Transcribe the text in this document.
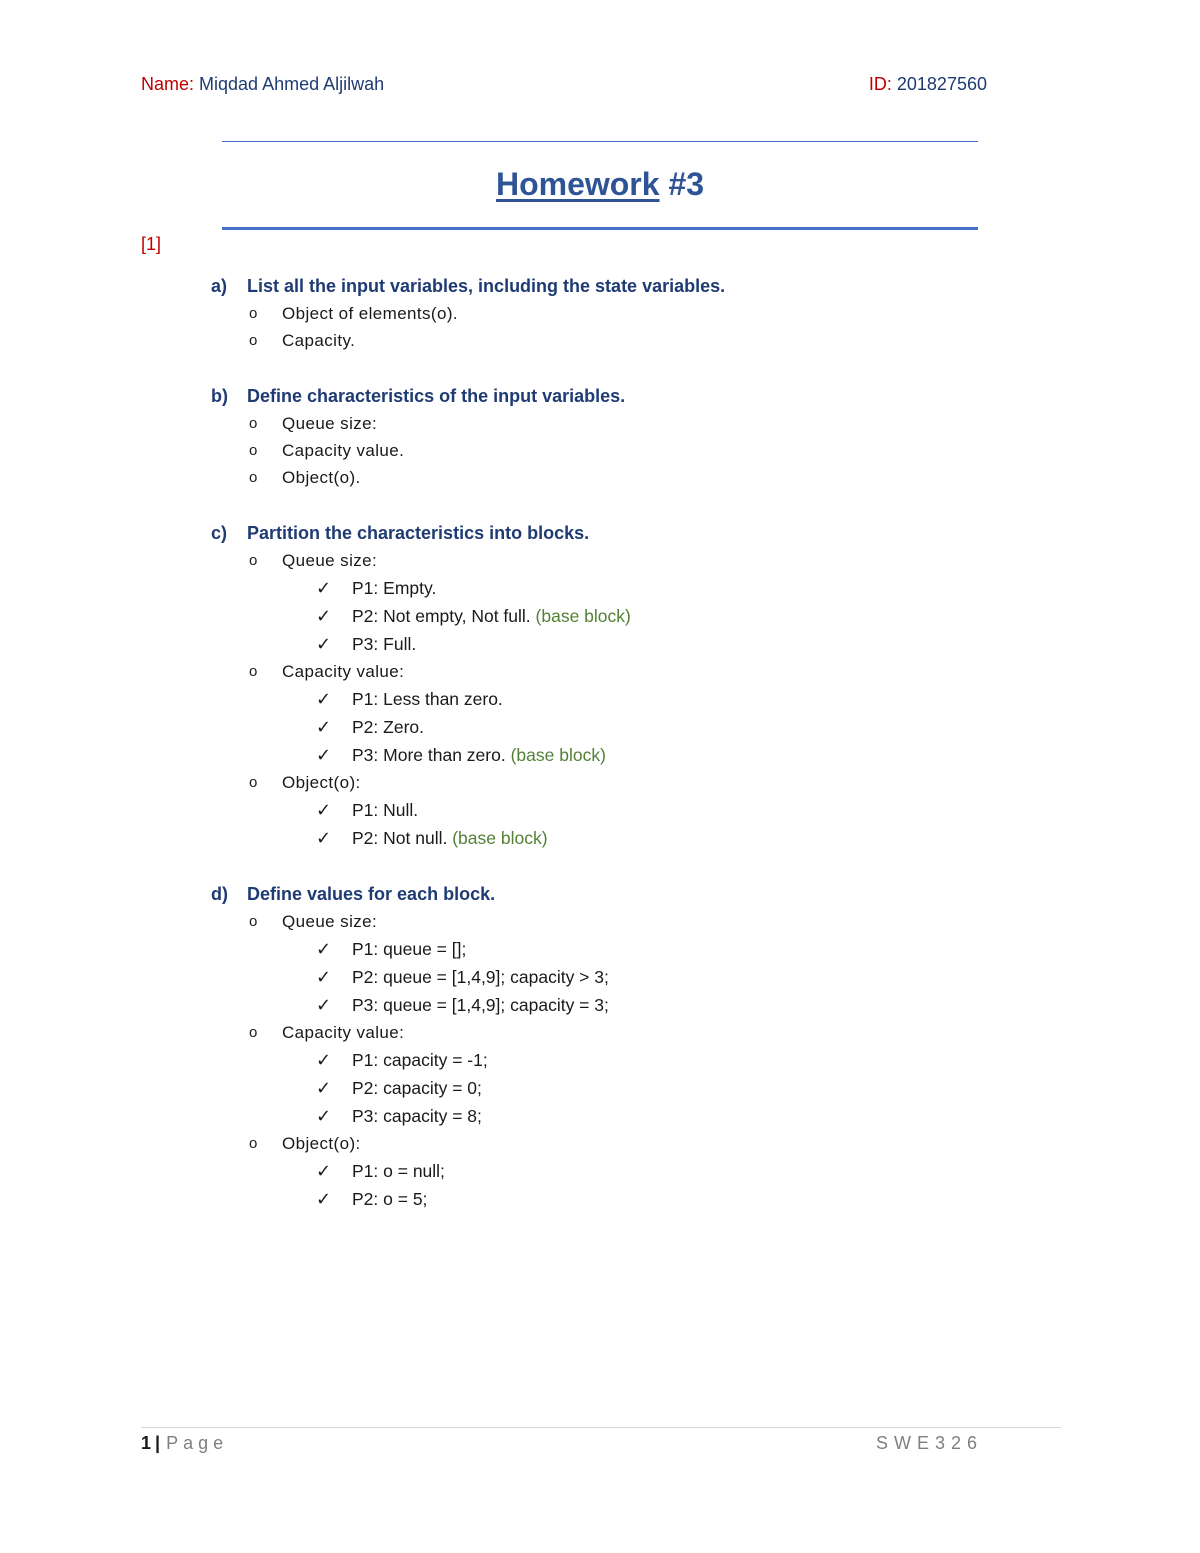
Name: Miqdad Ahmed Aljilwah	ID: 201827560
Homework #3
[1]
a)	List all the input variables, including the state variables.
o Object of elements(o).
o Capacity.
b)	Define characteristics of the input variables.
o Queue size:
o Capacity value.
o Object(o).
c)	Partition the characteristics into blocks.
o Queue size:
✓ P1: Empty.
✓ P2: Not empty, Not full. (base block)
✓ P3: Full.
o Capacity value:
✓ P1: Less than zero.
✓ P2: Zero.
✓ P3: More than zero. (base block)
o Object(o):
✓ P1: Null.
✓ P2: Not null. (base block)
d)	Define values for each block.
o Queue size:
✓ P1: queue = [];
✓ P2: queue = [1,4,9]; capacity > 3;
✓ P3: queue = [1,4,9]; capacity = 3;
o Capacity value:
✓ P1: capacity = -1;
✓ P2: capacity = 0;
✓ P3: capacity = 8;
o Object(o):
✓ P1: o = null;
✓ P2: o = 5;
1 | Page	SWE326
